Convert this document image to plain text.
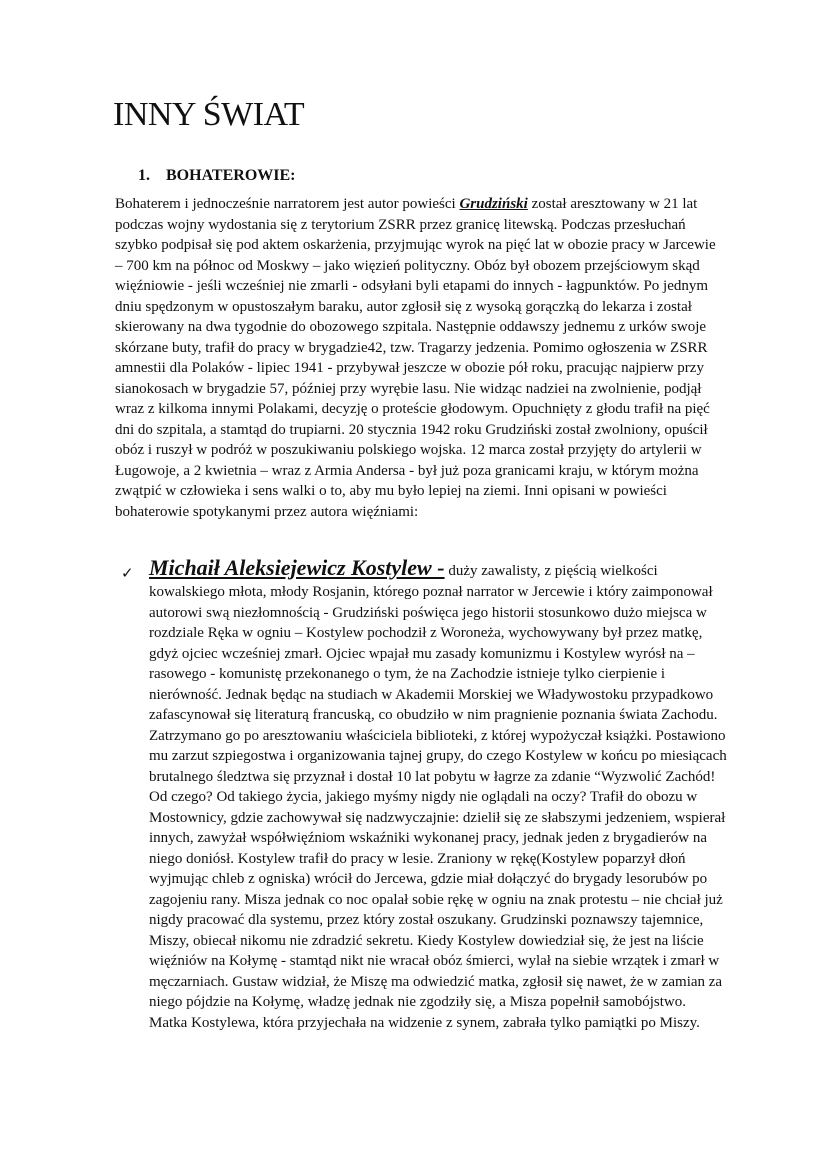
INNY ŚWIAT
1. BOHATEROWIE:

Bohaterem i jednocześnie narratorem jest autor powieści Grudziński został aresztowany w 21 lat podczas wojny wydostania się z terytorium ZSRR przez granicę litewską. Podczas przesłuchań szybko podpisał się pod aktem oskarżenia, przyjmując wyrok na pięć lat w obozie pracy w Jarcewie – 700 km na północ od Moskwy – jako więzień polityczny. Obóz był obozem przejściowym skąd więźniowie - jeśli wcześniej nie zmarli - odsyłani byli etapami do innych - łagpunktów. Po jednym dniu spędzonym w opustoszałym baraku, autor zgłosił się z wysoką gorączką do lekarza i został skierowany na dwa tygodnie do obozowego szpitala. Następnie oddawszy jednemu z urków swoje skórzane buty, trafił do pracy w brygadzie42, tzw. Tragarzy jedzenia. Pomimo ogłoszenia w ZSRR amnestii dla Polaków - lipiec 1941 - przybywał jeszcze w obozie pół roku, pracując najpierw przy sianokosach w brygadzie 57, później przy wyrębie lasu. Nie widząc nadziei na zwolnienie, podjął wraz z kilkoma innymi Polakami, decyzję o proteście głodowym. Opuchnięty z głodu trafił na pięć dni do szpitala, a stamtąd do trupiarni. 20 stycznia 1942 roku Grudziński został zwolniony, opuścił obóz i ruszył w podróż w poszukiwaniu polskiego wojska. 12 marca został przyjęty do artylerii w Ługowoje, a 2 kwietnia – wraz z Armia Andersa - był już poza granicami kraju, w którym można zwątpić w człowieka i sens walki o to, aby mu było lepiej na ziemi. Inni opisani w powieści bohaterowie spotykanymi przez autora więźniami:

✓ Michaił Aleksiejewicz Kostylew - duży zawalisty, z pięścią wielkości kowalskiego młota, młody Rosjanin, którego poznał narrator w Jercewie i który zaimponował autorowi swą niezłomnością - Grudziński poświęca jego historii stosunkowo dużo miejsca w rozdziale Ręka w ogniu – Kostylew pochodził z Woroneża, wychowywany był przez matkę, gdyż ojciec wcześniej zmarł. Ojciec wpajał mu zasady komunizmu i Kostylew wyrósł na – rasowego - komunistę przekonanego o tym, że na Zachodzie istnieje tylko cierpienie i nierówność. Jednak będąc na studiach w Akademii Morskiej we Władywostoku przypadkowo zafascynował się literaturą francuską, co obudziło w nim pragnienie poznania świata Zachodu. Zatrzymano go po aresztowaniu właściciela biblioteki, z której wypożyczał książki. Postawiono mu zarzut szpiegostwa i organizowania tajnej grupy, do czego Kostylew w końcu po miesiącach brutalnego śledztwa się przyznał i dostał 10 lat pobytu w łagrze za zdanie “Wyzwolić Zachód! Od czego? Od takiego życia, jakiego myśmy nigdy nie oglądali na oczy? Trafił do obozu w Mostownicy, gdzie zachowywał się nadzwyczajnie: dzielił się ze słabszymi jedzeniem, wspierał innych, zawyżał współwięźniom wskaźniki wykonanej pracy, jednak jeden z brygadierów na niego doniósł. Kostylew trafił do pracy w lesie. Zraniony w rękę(Kostylew poparzył dłoń wyjmując chleb z ogniska) wrócił do Jercewa, gdzie miał dołączyć do brygady lesorubów po zagojeniu rany. Misza jednak co noc opalał sobie rękę w ogniu na znak protestu – nie chciał już nigdy pracować dla systemu, przez który został oszukany. Grudzinski poznawszy tajemnice, Miszy, obiecał nikomu nie zdradzić sekretu. Kiedy Kostylew dowiedział się, że jest na liście więźniów na Kołymę - stamtąd nikt nie wracał obóz śmierci, wylał na siebie wrzątek i zmarł w męczarniach. Gustaw widział, że Miszę ma odwiedzić matka, zgłosił się nawet, że w zamian za niego pójdzie na Kołymę, władzę jednak nie zgodziły się, a Misza popełnił samobójstwo. Matka Kostylewa, która przyjechała na widzenie z synem, zabrała tylko pamiątki po Miszy.
